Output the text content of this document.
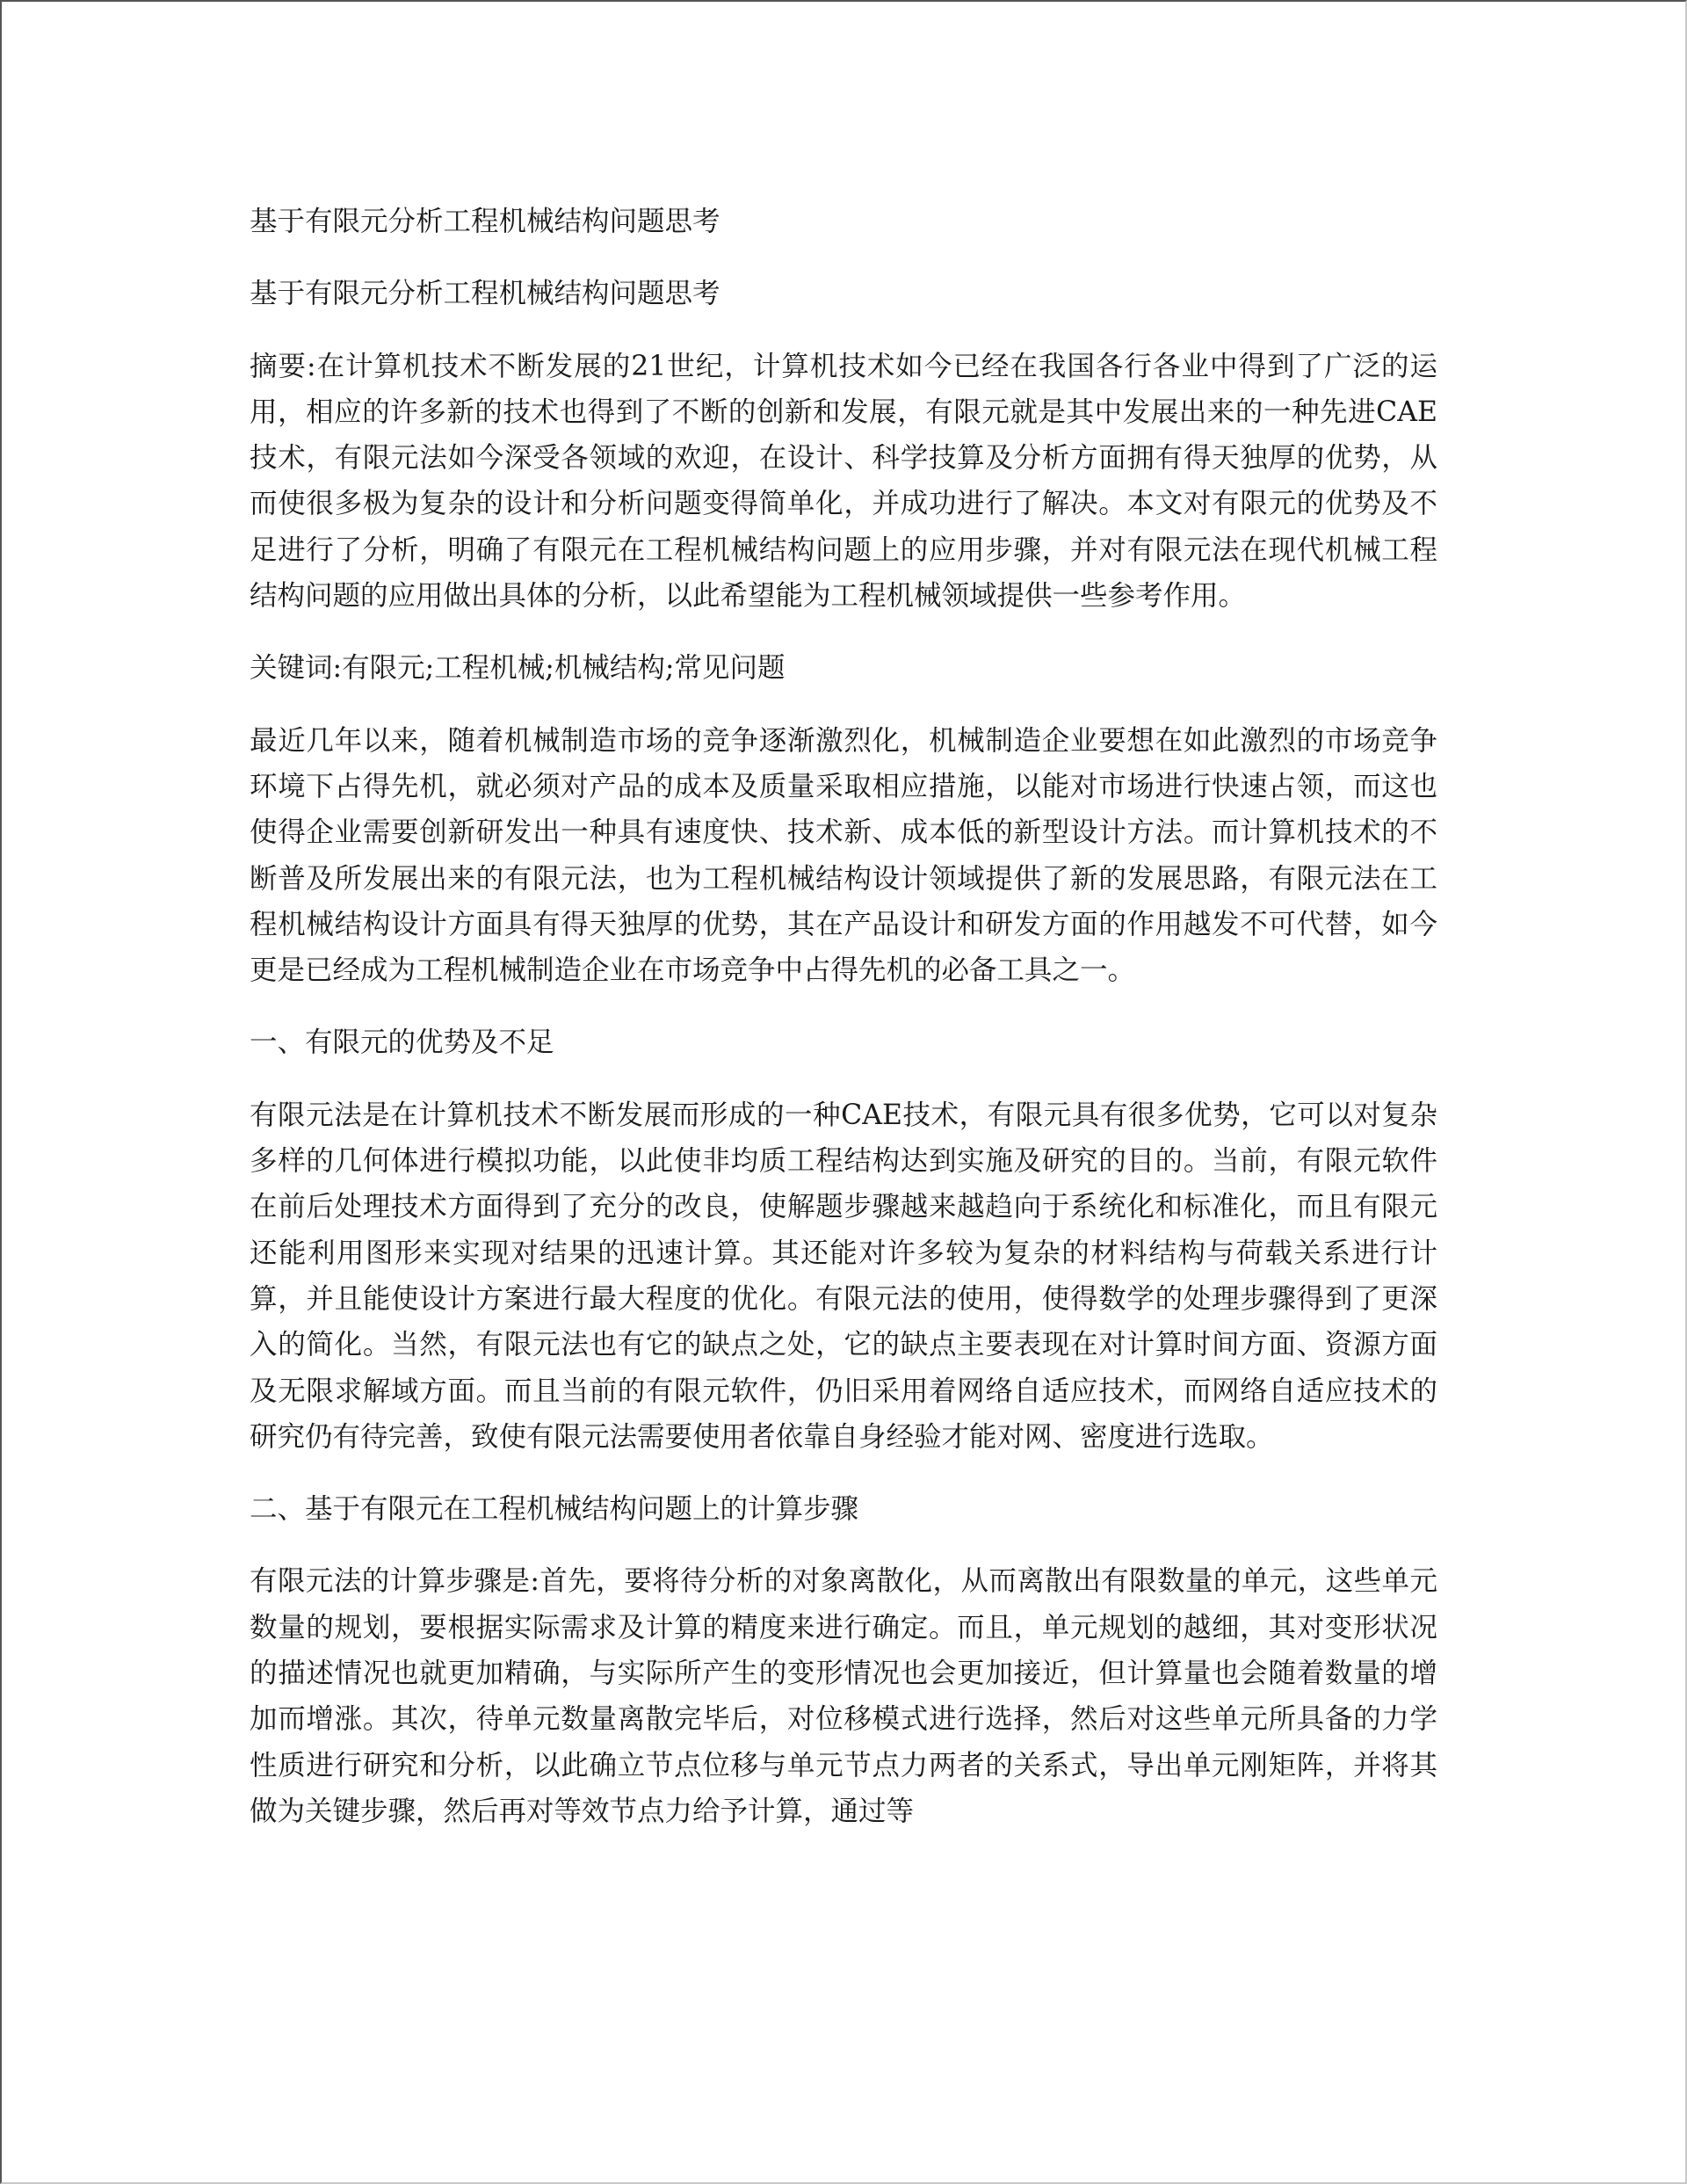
基于有限元分析工程机械结构问题思考

基于有限元分析工程机械结构问题思考

摘要:在计算机技术不断发展的21世纪，计算机技术如今已经在我国各行各业中得到了广泛的运用，相应的许多新的技术也得到了不断的创新和发展，有限元就是其中发展出来的一种先进CAE技术，有限元法如今深受各领域的欢迎，在设计、科学技算及分析方面拥有得天独厚的优势，从而使很多极为复杂的设计和分析问题变得简单化，并成功进行了解决。本文对有限元的优势及不足进行了分析，明确了有限元在工程机械结构问题上的应用步骤，并对有限元法在现代机械工程结构问题的应用做出具体的分析，以此希望能为工程机械领域提供一些参考作用。

关键词:有限元;工程机械;机械结构;常见问题

最近几年以来，随着机械制造市场的竞争逐渐激烈化，机械制造企业要想在如此激烈的市场竞争环境下占得先机，就必须对产品的成本及质量采取相应措施，以能对市场进行快速占领，而这也使得企业需要创新研发出一种具有速度快、技术新、成本低的新型设计方法。而计算机技术的不断普及所发展出来的有限元法，也为工程机械结构设计领域提供了新的发展思路，有限元法在工程机械结构设计方面具有得天独厚的优势，其在产品设计和研发方面的作用越发不可代替，如今更是已经成为工程机械制造企业在市场竞争中占得先机的必备工具之一。

一、有限元的优势及不足

有限元法是在计算机技术不断发展而形成的一种CAE技术，有限元具有很多优势，它可以对复杂多样的几何体进行模拟功能，以此使非均质工程结构达到实施及研究的目的。当前，有限元软件在前后处理技术方面得到了充分的改良，使解题步骤越来越趋向于系统化和标准化，而且有限元还能利用图形来实现对结果的迅速计算。其还能对许多较为复杂的材料结构与荷载关系进行计算，并且能使设计方案进行最大程度的优化。有限元法的使用，使得数学的处理步骤得到了更深入的简化。当然，有限元法也有它的缺点之处，它的缺点主要表现在对计算时间方面、资源方面及无限求解域方面。而且当前的有限元软件，仍旧采用着网络自适应技术，而网络自适应技术的研究仍有待完善，致使有限元法需要使用者依靠自身经验才能对网、密度进行选取。

二、基于有限元在工程机械结构问题上的计算步骤

有限元法的计算步骤是:首先，要将待分析的对象离散化，从而离散出有限数量的单元，这些单元数量的规划，要根据实际需求及计算的精度来进行确定。而且，单元规划的越细，其对变形状况的描述情况也就更加精确，与实际所产生的变形情况也会更加接近，但计算量也会随着数量的增加而增涨。其次，待单元数量离散完毕后，对位移模式进行选择，然后对这些单元所具备的力学性质进行研究和分析，以此确立节点位移与单元节点力两者的关系式，导出单元刚矩阵，并将其做为关键步骤，然后再对等效节点力给予计算，通过等
